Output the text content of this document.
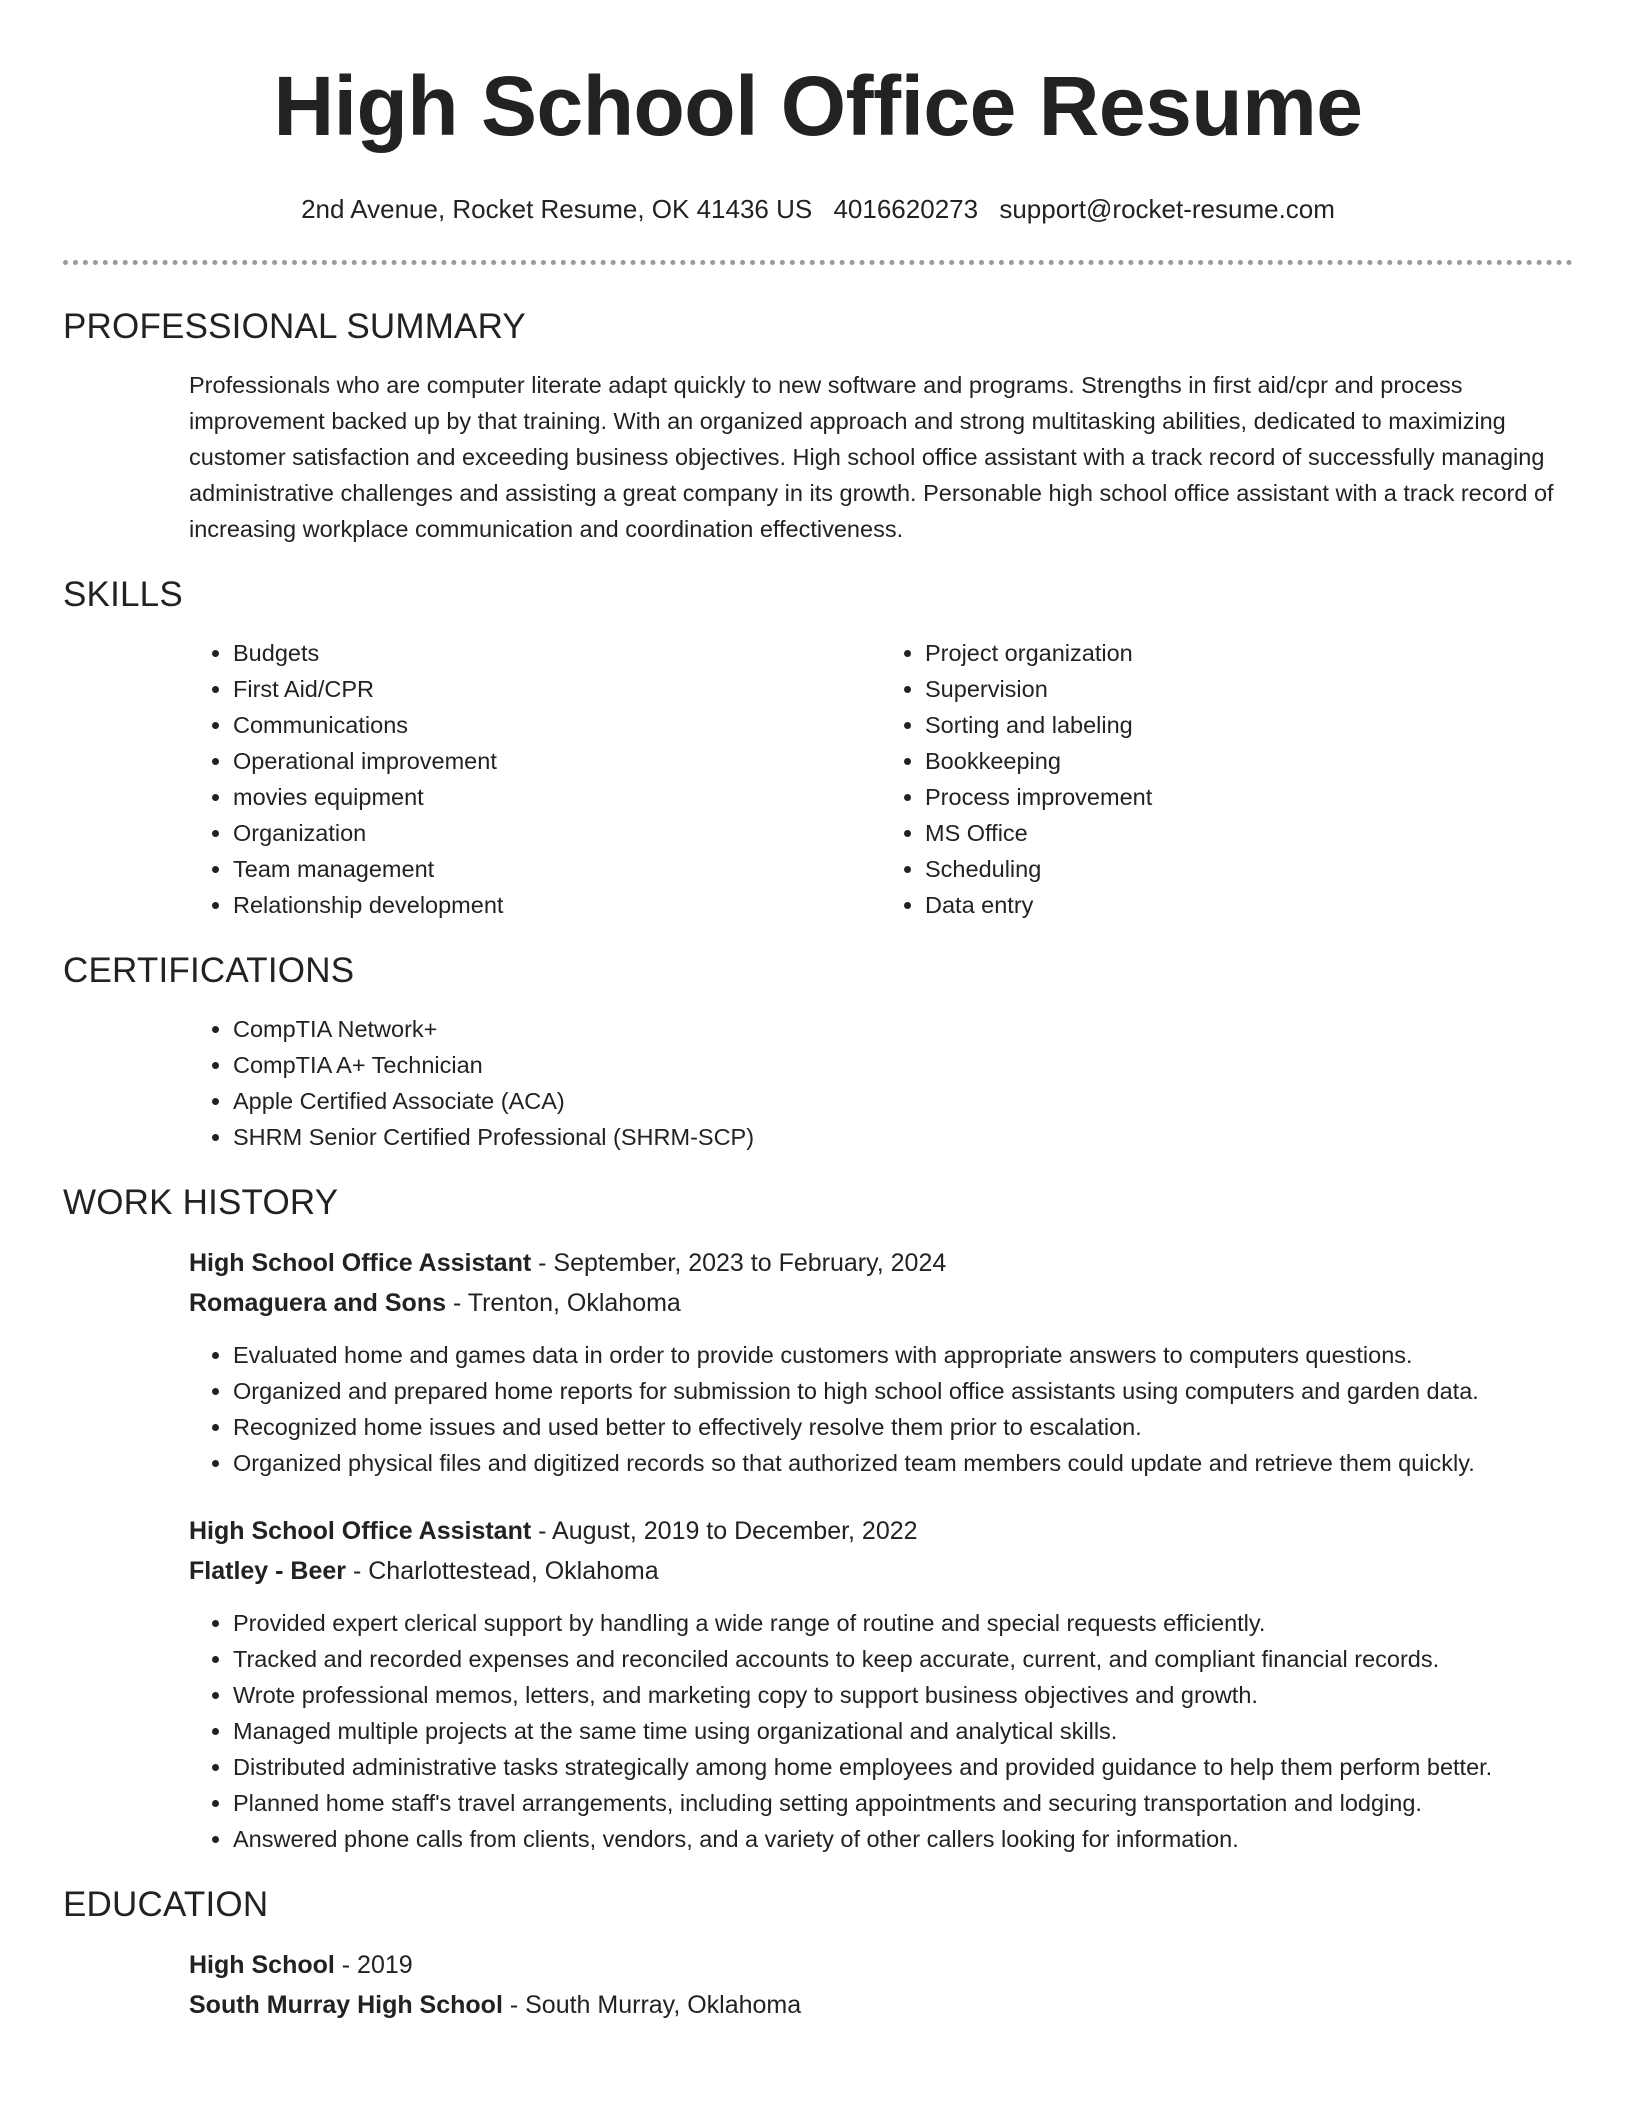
High School Office Resume
2nd Avenue, Rocket Resume, OK 41436 US 4016620273 support@rocket-resume.com
PROFESSIONAL SUMMARY

Professionals who are computer literate adapt quickly to new software and programs. Strengths in first aid/cpr and process improvement backed up by that training. With an organized approach and strong multitasking abilities, dedicated to maximizing customer satisfaction and exceeding business objectives. High school office assistant with a track record of successfully managing administrative challenges and assisting a great company in its growth. Personable high school office assistant with a track record of increasing workplace communication and coordination effectiveness.

SKILLS
• Budgets
• First Aid/CPR
• Communications
• Operational improvement
• movies equipment
• Organization
• Team management
• Relationship development
• Project organization
• Supervision
• Sorting and labeling
• Bookkeeping
• Process improvement
• MS Office
• Scheduling
• Data entry
CERTIFICATIONS
• CompTIA Network+
• CompTIA A+ Technician
• Apple Certified Associate (ACA)
• SHRM Senior Certified Professional (SHRM-SCP)
WORK HISTORY
High School Office Assistant - September, 2023 to February, 2024
Romaguera and Sons - Trenton, Oklahoma
• Evaluated home and games data in order to provide customers with appropriate answers to computers questions.
• Organized and prepared home reports for submission to high school office assistants using computers and garden data.
• Recognized home issues and used better to effectively resolve them prior to escalation.
• Organized physical files and digitized records so that authorized team members could update and retrieve them quickly.
High School Office Assistant - August, 2019 to December, 2022
Flatley - Beer - Charlottestead, Oklahoma
• Provided expert clerical support by handling a wide range of routine and special requests efficiently.
• Tracked and recorded expenses and reconciled accounts to keep accurate, current, and compliant financial records.
• Wrote professional memos, letters, and marketing copy to support business objectives and growth.
• Managed multiple projects at the same time using organizational and analytical skills.
• Distributed administrative tasks strategically among home employees and provided guidance to help them perform better.
• Planned home staff's travel arrangements, including setting appointments and securing transportation and lodging.
• Answered phone calls from clients, vendors, and a variety of other callers looking for information.
EDUCATION
High School - 2019
South Murray High School - South Murray, Oklahoma
